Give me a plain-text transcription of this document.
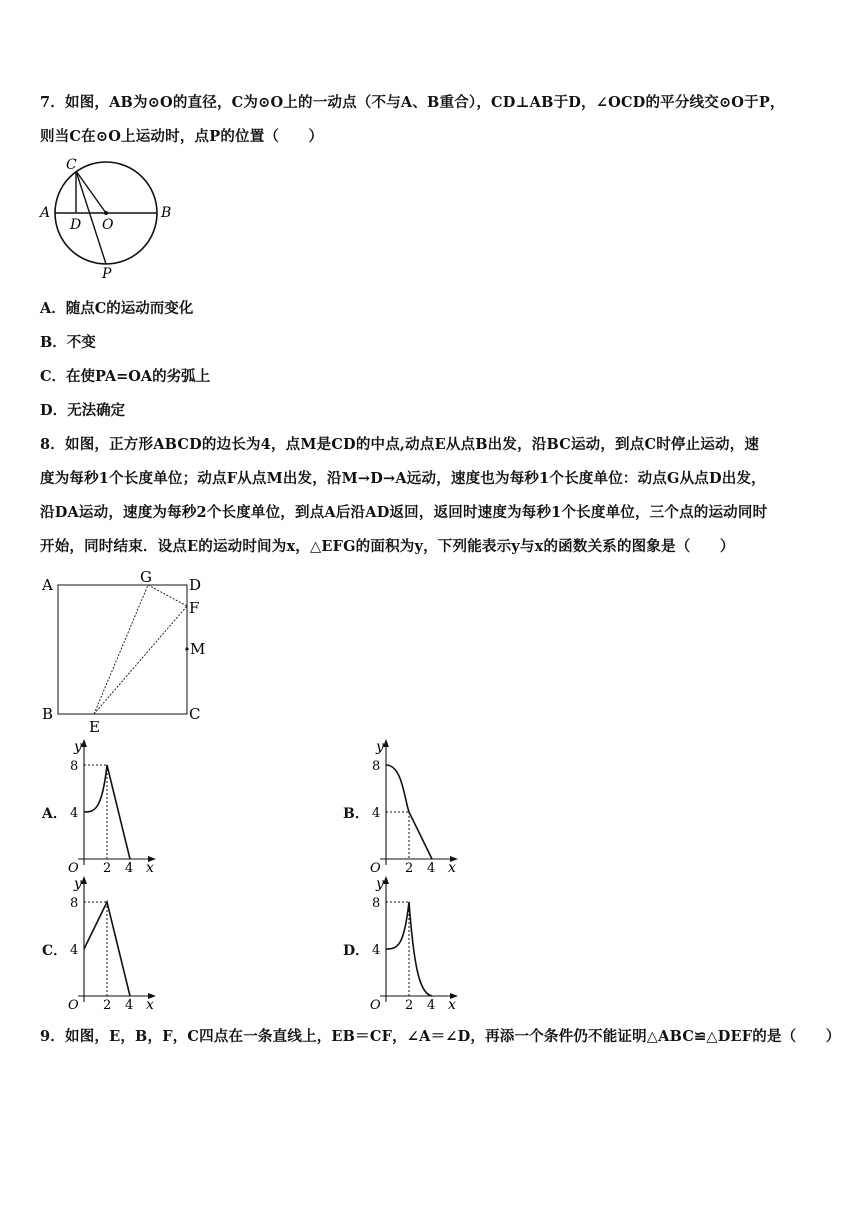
7．如图，AB为⊙O的直径，C为⊙O上的一动点（不与A、B重合），CD⊥AB于D，∠OCD的平分线交⊙O于P，
则当C在⊙O上运动时，点P的位置（　　）
C
A
D O
B
P
A．随点C的运动而变化
B．不变
C．在使PA=OA的劣弧上
D．无法确定
8．如图，正方形ABCD的边长为4，点M是CD的中点,动点E从点B出发，沿BC运动，到点C时停止运动，速
度为每秒1个长度单位；动点F从点M出发，沿M→D→A远动，速度也为每秒1个长度单位：动点G从点D出发，
沿DA运动，速度为每秒2个长度单位，到点A后沿AD返回，返回时速度为每秒1个长度单位，三个点的运动同时
开始，同时结束．设点E的运动时间为x，△EFG的面积为y，下列能表示y与x的函数关系的图象是（　　）
A	G D
F
M
B
E
C
A．	B．
C．	D．
y
8
4
O 2 4 x
y
8
4
O 2 4 x
y
8
4
O 2 4 x
y
8
4
O 2 4 x
9．如图，E，B，F，C四点在一条直线上，EB＝CF，∠A＝∠D，再添一个条件仍不能证明△ABC≌△DEF的是（　　）
